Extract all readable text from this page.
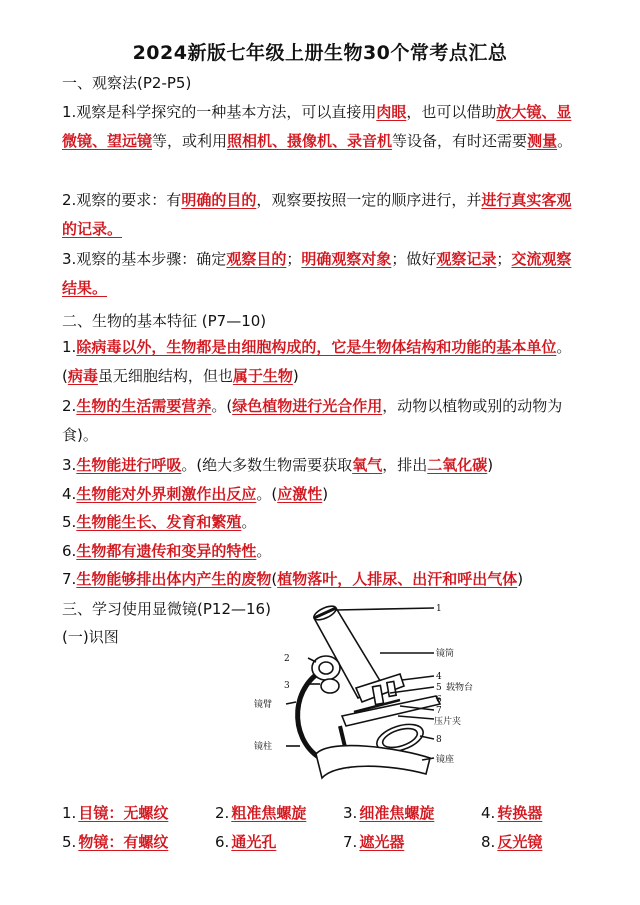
2024新版七年级上册生物30个常考点汇总
一、观察法(P2-P5)
1.观察是科学探究的一种基本方法，可以直接用肉眼，也可以借助放大镜、显微镜、望远镜等，或利用照相机、摄像机、录音机等设备，有时还需要测量。
2.观察的要求：有明确的目的，观察要按照一定的顺序进行，并进行真实客观的记录。
3.观察的基本步骤：确定观察目的；明确观察对象；做好观察记录；交流观察结果。
二、生物的基本特征 (P7—10)
1.除病毒以外，生物都是由细胞构成的，它是生物体结构和功能的基本单位。(病毒虽无细胞结构，但也属于生物)
2.生物的生活需要营养。(绿色植物进行光合作用，动物以植物或别的动物为食)。
3.生物能进行呼吸。(绝大多数生物需要获取氧气，排出二氧化碳)
4.生物能对外界刺激作出反应。(应激性)
5.生物能生长、发育和繁殖。
6.生物都有遗传和变异的特性。
7.生物能够排出体内产生的废物(植物落叶，人排尿、出汗和呼出气体)
三、学习使用显微镜(P12—16)
(一)识图
1
2
3
镜筒
4
5 载物台
6
7
压片夹
8
镜座
镜臂
镜柱
1. 目镜：无螺纹	2. 粗准焦螺旋 3. 细准焦螺旋	4. 转换器
5. 物镜：有螺纹	6. 通光孔	7. 遮光器	8. 反光镜
